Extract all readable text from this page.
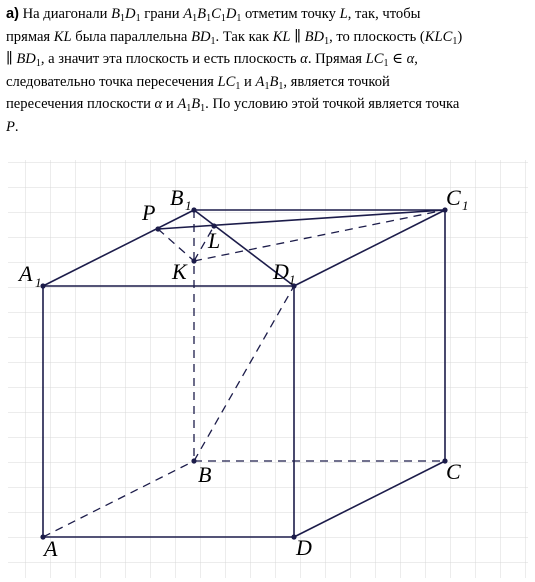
а) На диагонали $B_1D_1$ грани $A_1B_1C_1D_1$ отметим точку L, так, чтобы
прямая KL была параллельна $BD_1$. Так как KL ∥ $BD_1$, то плоскость $(KLC_1)$
∥ $BD_1$, а значит эта плоскость и есть плоскость α. Прямая $LC_1$ ∈ α,
следовательно точка пересечения $LC_1$ и $A_1B_1$, является точкой
пересечения плоскости α и $A_1B_1$. По условию этой точкой является точка
P.
A 1
B 1	C 1
D 1
A
B	C
D
P
K
L
